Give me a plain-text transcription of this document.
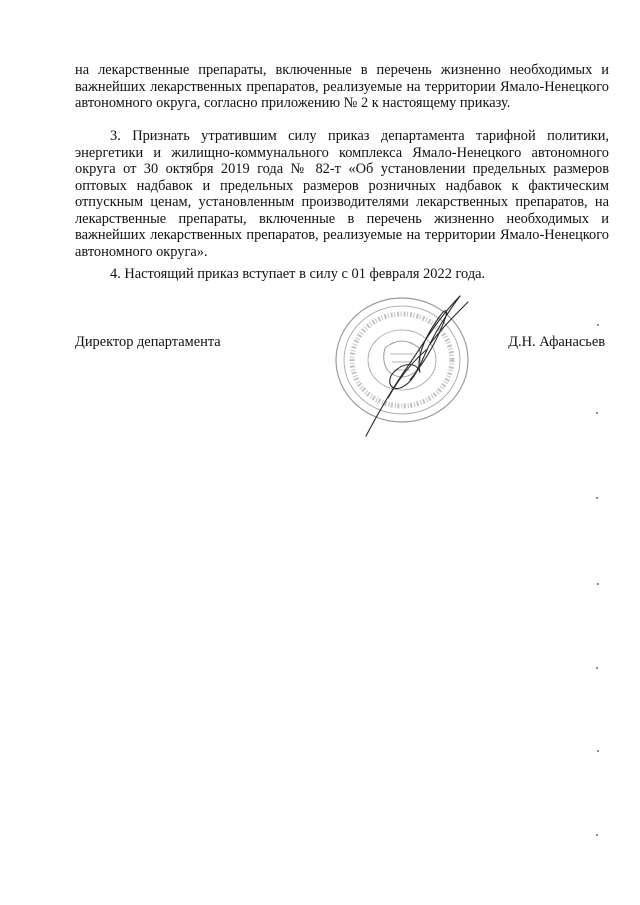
на лекарственные препараты, включенные в перечень жизненно необходимых и важнейших лекарственных препаратов, реализуемые на территории Ямало-Ненецкого автономного округа, согласно приложению № 2 к настоящему приказу.

3. Признать утратившим силу приказ департамента тарифной политики, энергетики и жилищно-коммунального комплекса Ямало-Ненецкого автономного округа от 30 октября 2019 года № 82-т «Об установлении предельных размеров оптовых надбавок и предельных размеров розничных надбавок к фактическим отпускным ценам, установленным производителями лекарственных препаратов, на лекарственные препараты, включенные в перечень жизненно необходимых и важнейших лекарственных препаратов, реализуемые на территории Ямало-Ненецкого автономного округа».

4. Настоящий приказ вступает в силу с 01 февраля 2022 года.

Директор департамента	Д.Н. Афанасьев
